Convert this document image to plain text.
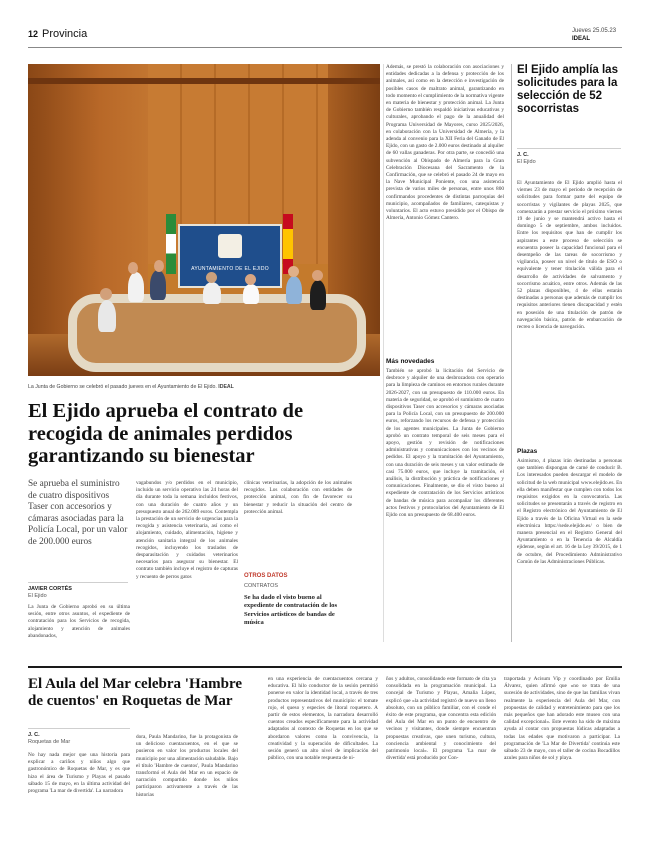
12 Provincia	Jueves 25.05.23
IDEAL
AYUNTAMIENTO DE EL EJIDO
La Junta de Gobierno se celebró el pasado jueves en el Ayuntamiento de El Ejido. IDEAL
El Ejido aprueba el contrato de recogida de animales perdidos garantizando su bienestar
Se aprueba el suministro de cuatro dispositivos Taser con accesorios y cámaras asociadas para la Policía Local, por un valor de 200.000 euros
JAVIER CORTÉS
El Ejido
La Junta de Gobierno aprobó en su última sesión, entre otros asuntos, el expediente de contratación para los Servicios de recogida, alojamiento y atención de animales abandonados,
vagabundos y/o perdidos en el municipio, incluido un servicio operativo las 24 horas del día durante toda la semana incluidos festivos, con una duración de cuatro años y un presupuesto anual de 262.089 euros. Contempla la prestación de un servicio de urgencias para la recogida y asistencia veterinaria, así como el alojamiento, cuidado, alimentación, higiene y atención sanitaria integral de los animales recogidos, incluyendo los traslados de desparasitación y cuidados veterinarios necesarios para asegurar su bienestar. El contrato también incluye el registro de capturas y recuento de perros gatos
clínicas veterinarias, la adopción de los animales recogidos. Los colaboración con entidades de protección animal, con fin de favorecer su bienestar y reducir la situación del centro de protección animal.
OTROS DATOS
CONTRATOS
Se ha dado el visto bueno al expediente de contratación de los Servicios artísticos de bandas de música
Además, se prestó la colaboración con asociaciones y entidades dedicadas a la defensa y protección de los animales, así como en la detección e investigación de posibles casos de maltrato animal, garantizando en todo momento el cumplimiento de la normativa vigente en materia de bienestar y protección animal. La Junta de Gobierno también respaldó iniciativas educativas y culturales, aprobando el pago de la anualidad del Programa Universidad de Mayores, curso 2025/2026, en colaboración con la Universidad de Almería, y la adenda al convenio para la XII Feria del Ganado de El Ejido, con un gasto de 2.000 euros destinado al alquiler de 60 vallas ganaderas. Por otra parte, se concedió una subvención al Obispado de Almería para la Gran Celebración Diocesana del Sacramento de la Confirmación, que se celebró el pasado 24 de mayo en la Nave Municipal Poniente, con una asistencia prevista de varios miles de personas, entre unos 800 confirmandos procedentes de distintas parroquias del municipio, acompañados de familiares, catequistas y voluntarios. El acto estuvo presidido por el Obispo de Almería, Antonio Gómez Cantero.
Más novedades
También se aprobó la licitación del Servicio de desbroce y alquiler de una desbrozadora con operario para la limpieza de caminos en entornos rurales durante 2026-2027, con un presupuesto de 110.000 euros. En materia de seguridad, se aprobó el suministro de cuatro dispositivos Taser con accesorios y cámaras asociadas para la Policía Local, con un presupuesto de 200.000 euros, reforzando los recursos de defensa y protección de los agentes municipales. La Junta de Gobierno aprobó un contrato temporal de seis meses para el apoyo, gestión y revisión de notificaciones administrativas y comunicaciones con los vecinos de pedidos. El apoyo y la tramitación del Ayuntamiento, con una duración de seis meses y un valor estimado de casi 75.000 euros, que incluye la tramitación, el análisis, la distribución y práctica de notificaciones y comunicaciones. Finalmente, se dio el visto bueno al expediente de contratación de los Servicios artísticos de bandas de música para acompañar los diferentes actos festivos y protocolarios del Ayuntamiento de El Ejido con un presupuesto de 68.400 euros.
El Ejido amplía las solicitudes para la selección de 52 socorristas
J. C.
El Ejido
El Ayuntamiento de El Ejido amplió hasta el viernes 23 de mayo el periodo de recepción de solicitudes para formar parte del equipo de socorristas y vigilantes de playas 2025, que comenzarán a prestar servicio el próximo viernes 19 de junio y se mantendrá activo hasta el domingo 5 de septiembre, ambos incluidos. Entre los requisitos que han de cumplir los aspirantes a este proceso de selección se encuentra poseer la capacidad funcional para el desempeño de las tareas de socorrismo y vigilancia, poseer un nivel de título de ESO o equivalente y tener titulación válida para el desarrollo de actividades de salvamento y socorrismo acuático, entre otros. Además de las 52 plazas disponibles, 4 de ellas estarán destinadas a personas que además de cumplir los requisitos anteriores tienen discapacidad y estén en posesión de una titulación de patrón de navegación básica, patrón de embarcación de recreo o licencia de navegación.
Plazas
Asimismo, 4 plazas irán destinadas a personas que tambien dispongan de carné de conducir B. Los interesados pueden descargar el modelo de solicitud de la web municipal www.elejido.es. En ella deben manifestar que cumplen con todos los requisitos exigidos en la convocatoria. Las solicitudes se presentarán a través de registro en el Registro electrónico del Ayuntamiento de El Ejido a través de la Oficina Virtual en la sede electrónica https://sede.elejido.es/ o bien de manera presencial en el Registro General del Ayuntamiento o en la Tenencia de Alcaldía ejidense, según el art. 16 de la Ley 39/2015, de 1 de octubre, del Procedimiento Administrativo Común de las Administraciones Públicas.
El Aula del Mar celebra 'Hambre de cuentos' en Roquetas de Mar
J. C.
Roquetas de Mar
No hay nada mejor que una historia para explicar a cariños y niños algo que gastronómico de Roquetas de Mar, y es que hizo el área de Turismo y Playas el pasado sábado 15 de mayo, en la última actividad del programa 'La mar de divertida'. La narradora
dora, Paula Mandarino, fue la protagonista de un delicioso cuentacuentos, en el que se pusieron en valor los productos locales del municipio por una alimentación saludable. Bajo el título 'Hambre de cuentos', Paula Mandarino transformó el Aula del Mar en un espacio de narración compartido donde los niños participaron activamente a través de las historias
en una experiencia de cuentacuentos cercana y educativa. El hilo conductor de la sesión permitió ponerse en valor la identidad local, a través de tres productos representativos del municipio: el tomate rojo, el queso y especies de litoral roquetero. A partir de estos elementos, la narradora desarrolló cuentos creados específicamente para la actividad adaptados al contexto de Roquetas en los que se abordaron valores como la convivencia, la creatividad y la superación de dificultades. La sesión generó un alto nivel de implicación del público, con una notable respuesta de ni-
ños y adultos, consolidando este formato de cita ya consolidada en la programación municipal. La concejal de Turismo y Playas, Amalia López, explicó que «la actividad registró de nuevo un lleno absoluto, con un público familiar, con el conde el éxito de este programa, que concentra esta edición del Aula del Mar en un punto de encuentro de vecinos y visitantes, donde siempre encuentran propuestas creativas, que unen turismo, cultura, conciencia ambiental y conocimiento del patrimonio local». El programa 'La mar de divertida' está producido por Con-
traportada y Acisum Vip y coordinado por Emilia Álvarez, quien afirmó que «no se trata de una sucesión de actividades, sino de que las familias vivan realmente la experiencia del Aula del Mar, con propuestas de calidad y entretenimiento para que los más pequeños que han adorado este museo con una calidad excepcional». Este evento ha sido de máxima ayuda al contar con propuestas lúdicas adaptadas a todas las edades que motivaron a participar. La programación de 'La Mar de Divertida' continúa este sábado 23 de mayo, con el taller de cocina Bocadillos azules para niños de sol y playa.
